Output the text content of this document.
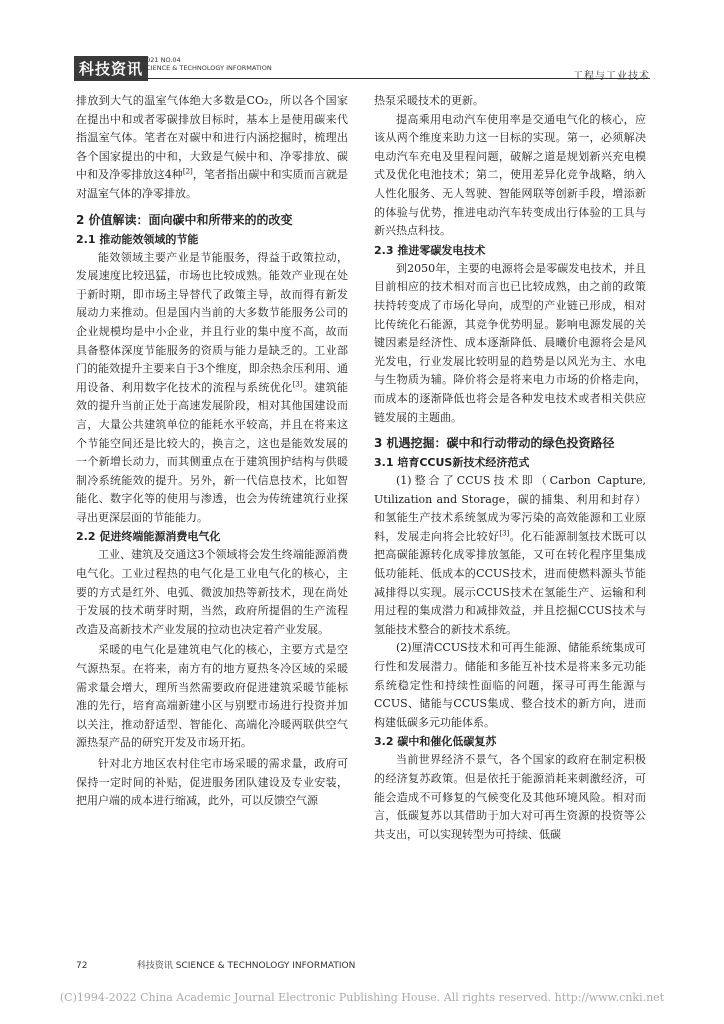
科技资讯
2021 NO.04
SCIENCE & TECHNOLOGY INFORMATION
工程与工业技术

排放到大气的温室气体绝大多数是CO₂，所以各个国家在提出中和或者零碳排放目标时，基本上是使用碳来代指温室气体。笔者在对碳中和进行内涵挖掘时，梳理出各个国家提出的中和，大致是气候中和、净零排放、碳中和及净零排放这4种[2]，笔者指出碳中和实质而言就是对温室气体的净零排放。

2 价值解读：面向碳中和所带来的的改变
2.1 推动能效领域的节能

能效领域主要产业是节能服务，得益于政策拉动，发展速度比较迅猛，市场也比较成熟。能效产业现在处于新时期，即市场主导替代了政策主导，故而得有新发展动力来推动。但是国内当前的大多数节能服务公司的企业规模均是中小企业，并且行业的集中度不高，故而具备整体深度节能服务的资质与能力是缺乏的。工业部门的能效提升主要来自于3个维度，即余热余压利用、通用设备、利用数字化技术的流程与系统优化[3]。建筑能效的提升当前正处于高速发展阶段，相对其他国建设而言，大量公共建筑单位的能耗水平较高，并且在将来这个节能空间还是比较大的，换言之，这也是能效发展的一个新增长动力，而其侧重点在于建筑围护结构与供暖制冷系统能效的提升。另外，新一代信息技术，比如智能化、数字化等的使用与渗透，也会为传统建筑行业探寻出更深层面的节能能力。

2.2 促进终端能源消费电气化

工业、建筑及交通这3个领域将会发生终端能源消费电气化。工业过程热的电气化是工业电气化的核心，主要的方式是红外、电弧、微波加热等新技术，现在尚处于发展的技术萌芽时期，当然，政府所提倡的生产流程改造及高新技术产业发展的拉动也决定着产业发展。

采暖的电气化是建筑电气化的核心，主要方式是空气源热泵。在将来，南方有的地方夏热冬冷区域的采暖需求量会增大，理所当然需要政府促进建筑采暖节能标准的先行，培育高端新建小区与别墅市场进行投资并加以关注，推动舒适型、智能化、高端化冷暖两联供空气源热泵产品的研究开发及市场开拓。

针对北方地区农村住宅市场采暖的需求量，政府可保持一定时间的补贴，促进服务团队建设及专业安装，把用户端的成本进行缩减，此外，可以反馈空气源

热泵采暖技术的更新。

提高乘用电动汽车使用率是交通电气化的核心，应该从两个维度来助力这一目标的实现。第一，必须解决电动汽车充电及里程问题，破解之道是规划新兴充电模式及优化电池技术；第二，使用差异化竞争战略，纳入人性化服务、无人驾驶、智能网联等创新手段，增添新的体验与优势，推进电动汽车转变成出行体验的工具与新兴热点科技。

2.3 推进零碳发电技术

到2050年，主要的电源将会是零碳发电技术，并且目前相应的技术相对而言也已比较成熟，由之前的政策扶持转变成了市场化导向，成型的产业链已形成，相对比传统化石能源，其竞争优势明显。影响电源发展的关键因素是经济性、成本逐渐降低、晨曦价电源将会是风光发电，行业发展比较明显的趋势是以风光为主、水电与生物质为辅。降价将会是将来电力市场的价格走向，而成本的逐渐降低也将会是各种发电技术或者相关供应链发展的主题曲。

3 机遇挖掘：碳中和行动带动的绿色投资路径
3.1 培育CCUS新技术经济范式

(1)整合了CCUS技术即（Carbon Capture, Utilization and Storage，碳的捕集、利用和封存）和氢能生产技术系统氢成为零污染的高效能源和工业原料，发展走向将会比较好[3]。化石能源制氢技术既可以把高碳能源转化成零排放氢能，又可在转化程序里集成低功能耗、低成本的CCUS技术，进而使燃料源头节能减排得以实现。展示CCUS技术在氢能生产、运输和利用过程的集成潜力和减排效益，并且挖掘CCUS技术与氢能技术整合的新技术系统。

(2)厘清CCUS技术和可再生能源、储能系统集成可行性和发展潜力。储能和多能互补技术是将来多元功能系统稳定性和持续性面临的问题，探寻可再生能源与CCUS、储能与CCUS集成、整合技术的新方向，进而构建低碳多元功能体系。

3.2 碳中和催化低碳复苏

当前世界经济不景气，各个国家的政府在制定积极的经济复苏政策。但是依托于能源消耗来刺激经济，可能会造成不可修复的气候变化及其他环境风险。相对而言，低碳复苏以其借助于加大对可再生资源的投资等公共支出，可以实现转型为可持续、低碳

72	科技资讯 SCIENCE & TECHNOLOGY INFORMATION
(C)1994-2022 China Academic Journal Electronic Publishing House. All rights reserved. http://www.cnki.net
